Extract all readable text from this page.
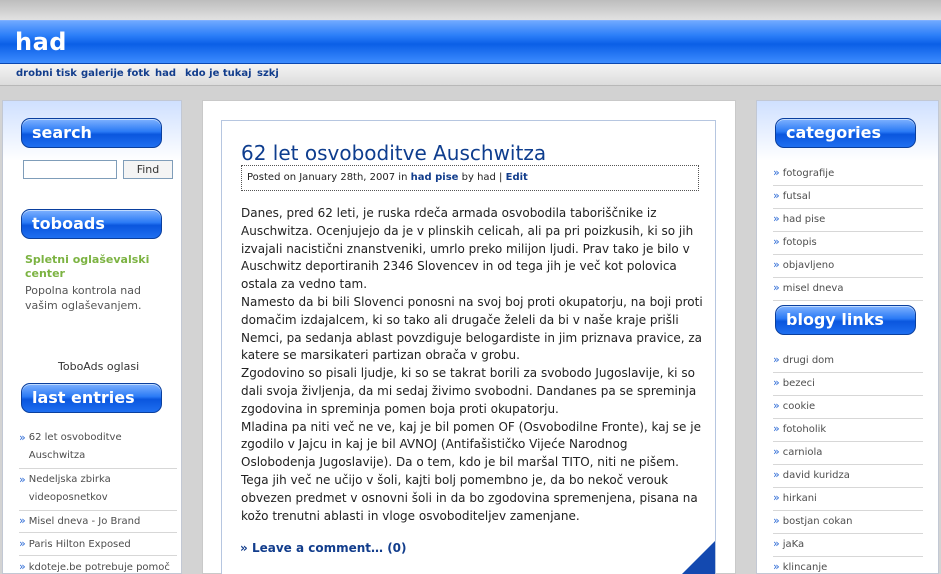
had
drobni tisk galerije fotk had kdo je tukaj szkj
search
Find
toboads
Spletni oglaševalski center
Popolna kontrola nad vašim oglaševanjem.
ToboAds oglasi
last entries
» 62 let osvoboditve Auschwitza
» Nedeljska zbirka videoposnetkov
» Misel dneva - Jo Brand
» Paris Hilton Exposed
» kdoteje.be potrebuje pomoč
62 let osvoboditve Auschwitza
Posted on January 28th, 2007 in had pise by had | Edit

Danes, pred 62 leti, je ruska rdeča armada osvobodila taboriščnike iz Auschwitza. Ocenjujejo da je v plinskih celicah, ali pa pri poizkusih, ki so jih izvajali nacistični znanstveniki, umrlo preko milijon ljudi. Prav tako je bilo v Auschwitz deportiranih 2346 Slovencev in od tega jih je več kot polovica ostala za vedno tam.

Namesto da bi bili Slovenci ponosni na svoj boj proti okupatorju, na boji proti domačim izdajalcem, ki so tako ali drugače želeli da bi v naše kraje prišli Nemci, pa sedanja ablast povzdiguje belogardiste in jim priznava pravice, za katere se marsikateri partizan obrača v grobu.

Zgodovino so pisali ljudje, ki so se takrat borili za svobodo Jugoslavije, ki so dali svoja življenja, da mi sedaj živimo svobodni. Dandanes pa se spreminja zgodovina in spreminja pomen boja proti okupatorju.

Mladina pa niti več ne ve, kaj je bil pomen OF (Osvobodilne Fronte), kaj se je zgodilo v Jajcu in kaj je bil AVNOJ (Antifašističko Vijeće Narodnog Oslobodenja Jugoslavije). Da o tem, kdo je bil maršal TITO, niti ne pišem. Tega jih več ne učijo v šoli, kajti bolj pomembno je, da bo nekoč verouk obvezen predmet v osnovni šoli in da bo zgodovina spremenjena, pisana na kožo trenutni ablasti in vloge osvoboditeljev zamenjane.

» Leave a comment… (0)
categories
» fotografije
» futsal
» had pise
» fotopis
» objavljeno
» misel dneva
blogy links
» drugi dom
» bezeci
» cookie
» fotoholik
» carniola
» david kuridza
» hirkani
» bostjan cokan
» jaKa
» klincanje
